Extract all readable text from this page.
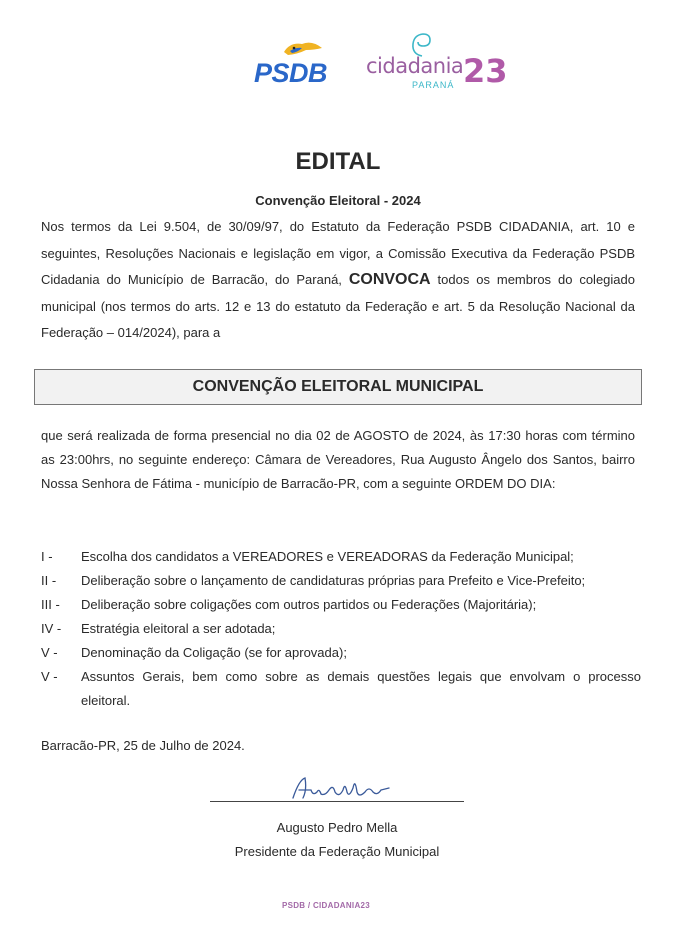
PSDB cidadania 23
PARANÁ
EDITAL
Convenção Eleitoral - 2024
Nos termos da Lei 9.504, de 30/09/97, do Estatuto da Federação PSDB CIDADANIA, art. 10 e seguintes, Resoluções Nacionais e legislação em vigor, a Comissão Executiva da Federação PSDB Cidadania do Município de Barracão, do Paraná, CONVOCA todos os membros do colegiado municipal (nos termos do arts. 12 e 13 do estatuto da Federação e art. 5 da Resolução Nacional da Federação – 014/2024), para a
CONVENÇÃO ELEITORAL MUNICIPAL
que será realizada de forma presencial no dia 02 de AGOSTO de 2024, às 17:30 horas com término as 23:00hrs, no seguinte endereço: Câmara de Vereadores, Rua Augusto Ângelo dos Santos, bairro Nossa Senhora de Fátima - município de Barracão-PR, com a seguinte ORDEM DO DIA:
I -	Escolha dos candidatos a VEREADORES e VEREADORAS da Federação Municipal;
II -	Deliberação sobre o lançamento de candidaturas próprias para Prefeito e Vice-Prefeito;
III -	Deliberação sobre coligações com outros partidos ou Federações (Majoritária);
IV -	Estratégia eleitoral a ser adotada;
V -	Denominação da Coligação (se for aprovada);
V -	Assuntos Gerais, bem como sobre as demais questões legais que envolvam o processo eleitoral.
Barracão-PR, 25 de Julho de 2024.
Augusto Pedro Mella
Presidente da Federação Municipal
PSDB / CIDADANIA23
